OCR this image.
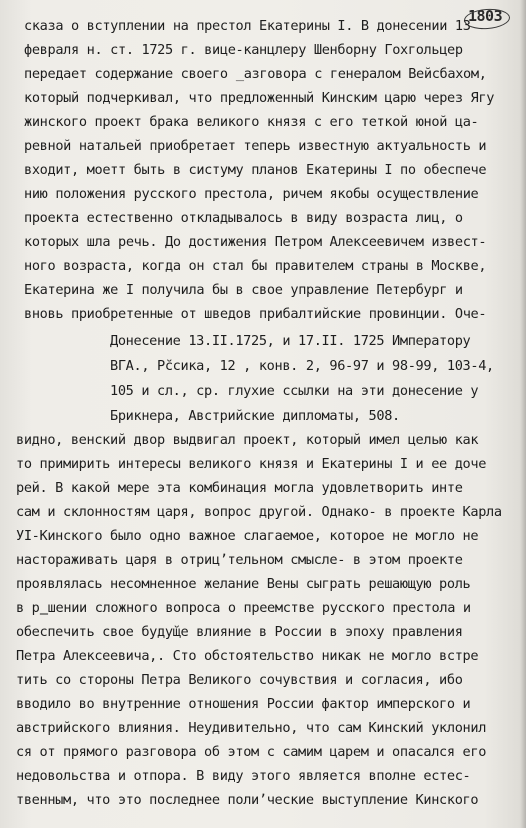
1803
сказа о вступлении на престол Екатерины I. В донесении 13
февраля н. ст. 1725 г. вице-канцлеру Шенборну Гохгольцер
передает содержание своего ̲азговора с генералом Вейсбахом,
который подчеркивал, что предложенный Кинским царю через Ягу
жинского проект брака великого князя с его теткой юной ца-
ревной натальей приобретает теперь известную актуальность и
входит, моетт быть в систуму планов Екатерины I по обеспече
нию положения русского престола, ричем якобы осуществление
проекта естественно откладывалось в виду возраста лиц, о
которых шла речь. До достижения Петром Алексеевичем извест-
ного возраста, когда он стал бы правителем страны в Москве,
Екатерина же I получила бы в свое управление Петербург и
вновь приобретенные от шведов прибалтийские провинции. Оче-
Донесение 13.II.1725, и 17.II. 1725 Императору
ВГА., Р̆ссика, 12 , конв. 2, 96-97 и 98-99, 103-4,
105 и сл., ср. глухие ссылки на эти донесение у
Брикнера, Австрийские дипломаты, 508.
видно, венский двор выдвигал проект, который имел целью как
то примирить интересы великого князя и Екатерины I и ее доче
рей. В какой мере эта комбинация могла удовлетворить инте
сам и склонностям царя, вопрос другой. Однако- в проекте Карла
УI-Кинского было одно важное слагаемое, которое не могло не
настораживать царя в отрицʼтельном смысле- в этом проекте
проявлялась несомненное желание Вены сыграть решающую роль
в р̳шении сложного вопроса о преемстве русского престола и
обеспечить свое будущ̆е влияние в России в эпоху правления
Петра Алексеевича,. Сто обстоятельство никак не могло встре
тить со стороны Петра Великого сочувствия и согласия, ибо
вводило во внутренние отношения России фактор имперского и
австрийского влияния. Неудивительно, что сам Кинский уклонил
ся от прямого разговора об этом с самим царем и опасался его
недовольства и отпора. В виду этого является вполне естес-
твенным, что это последнее полиʼческие выступление Кинского
